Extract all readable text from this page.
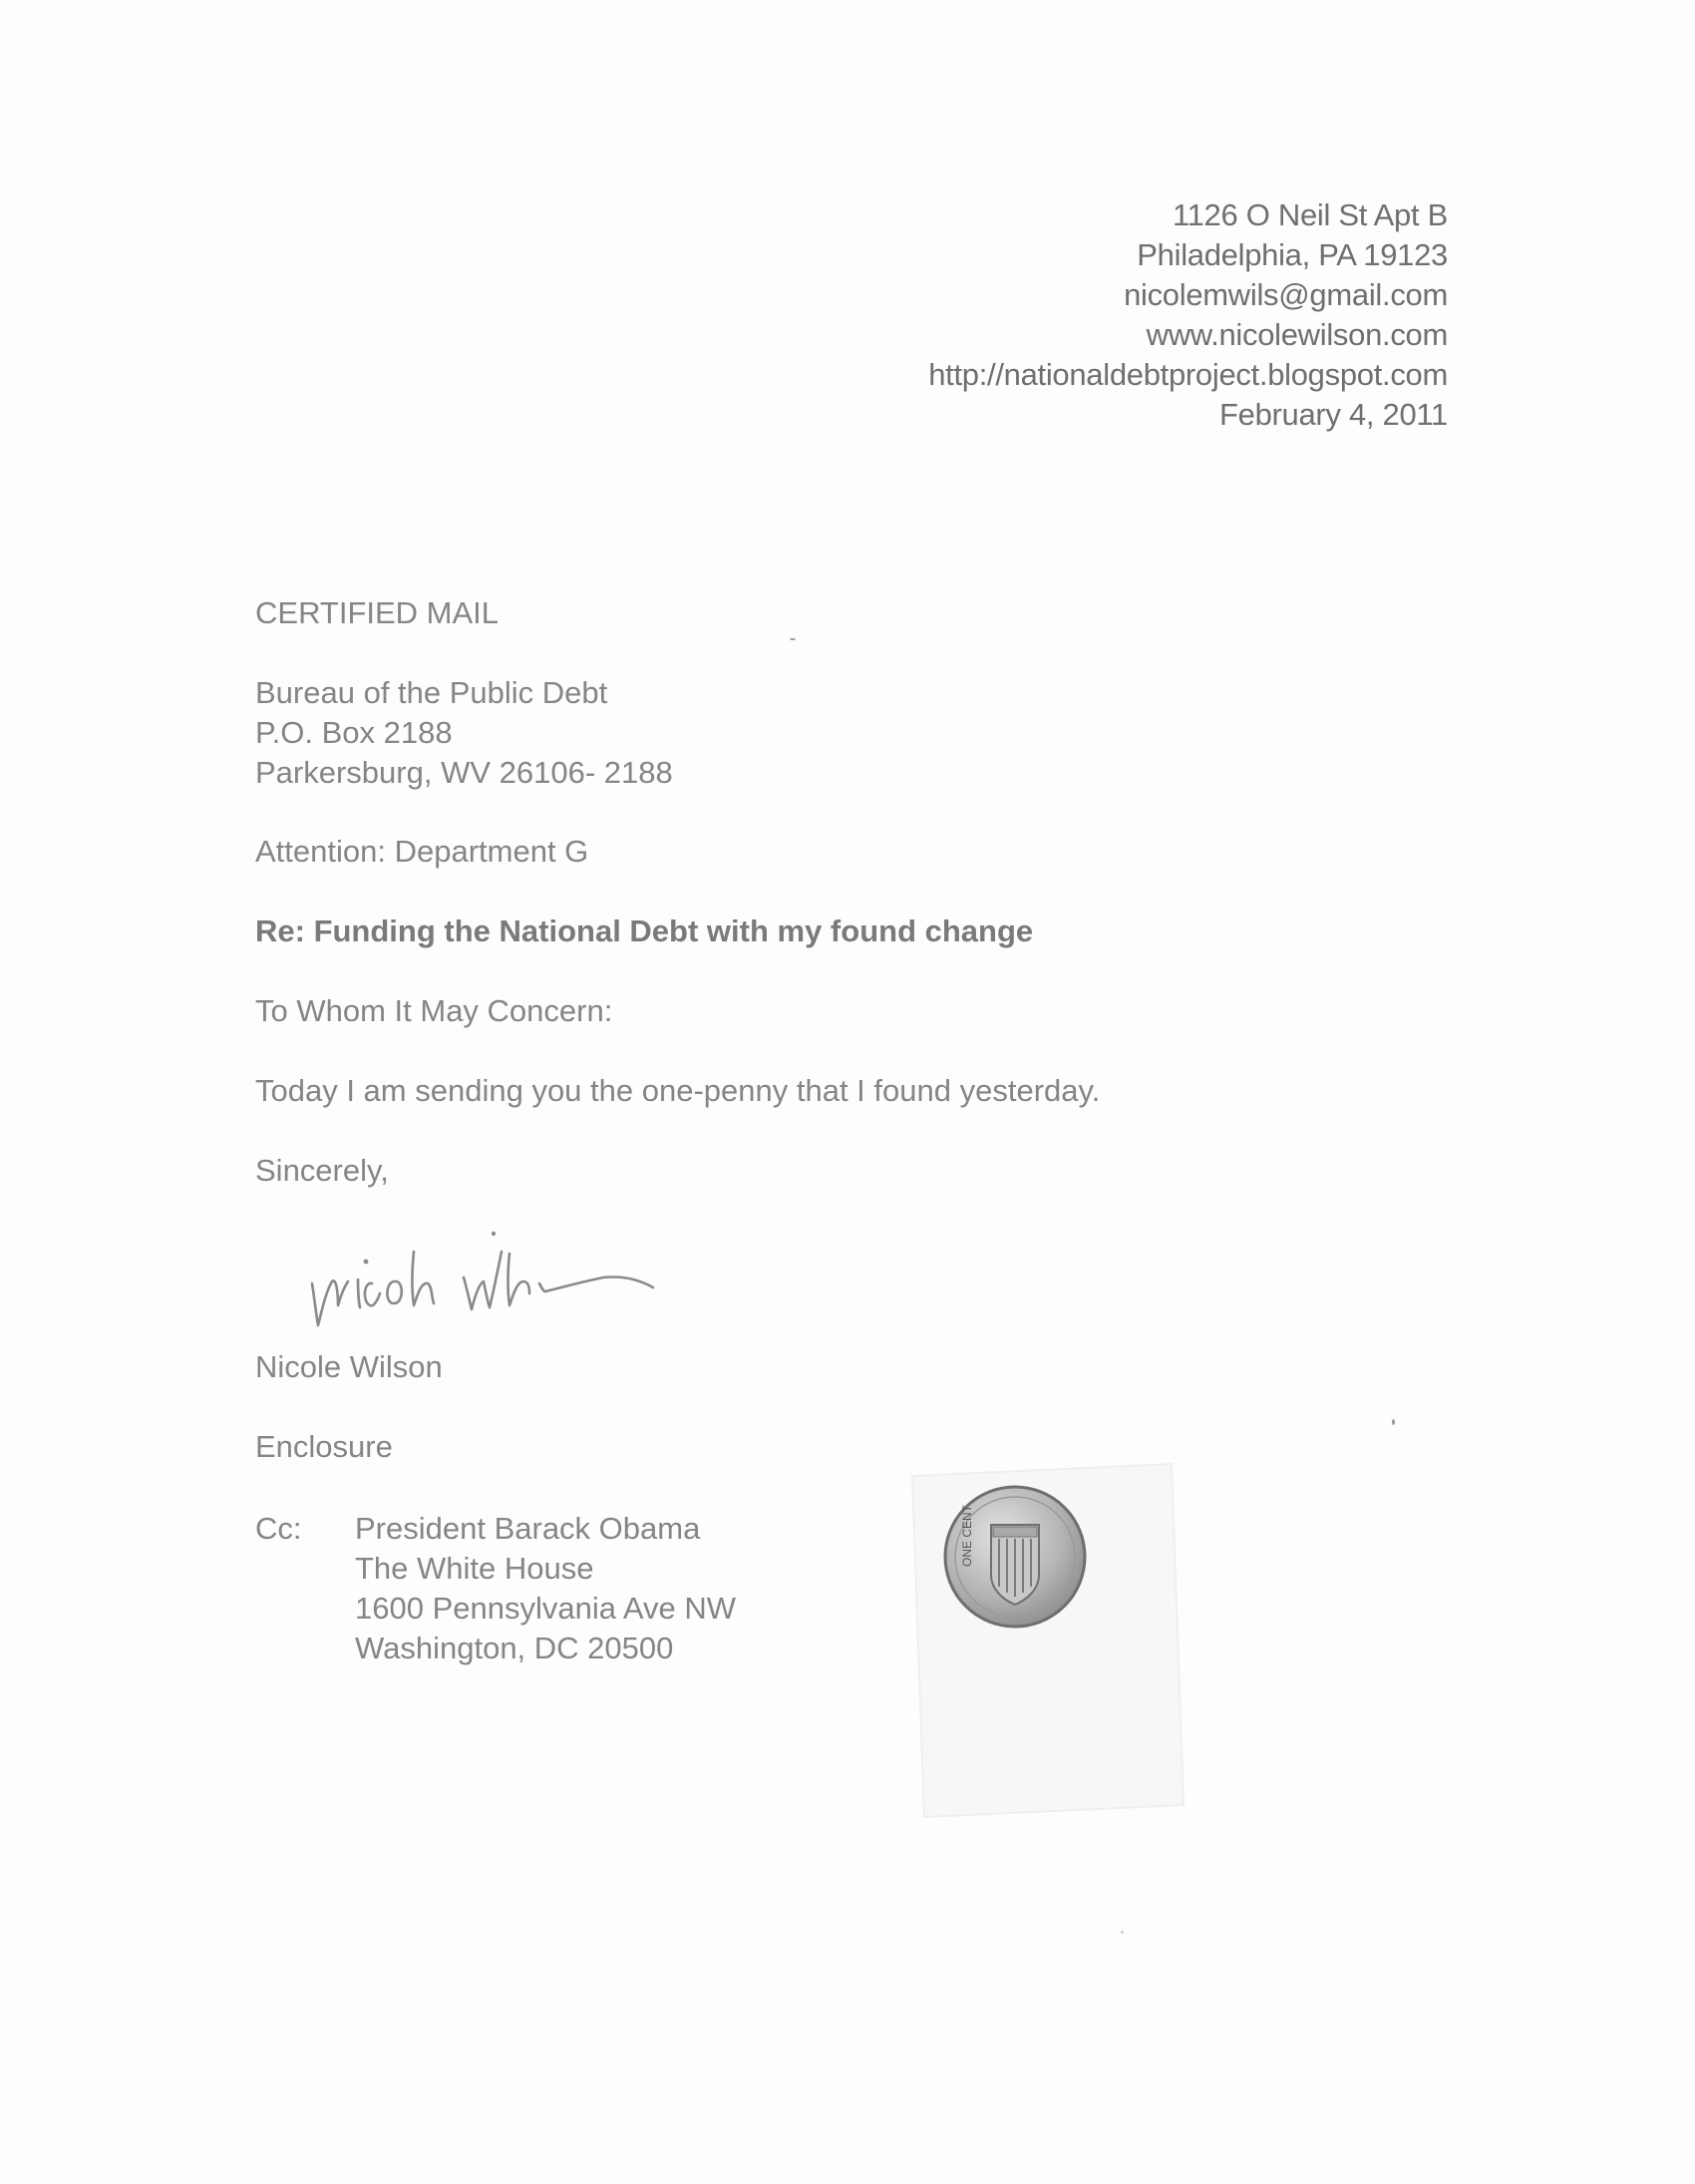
1126 O Neil St Apt B
Philadelphia, PA 19123
nicolemwils@gmail.com
www.nicolewilson.com
http://nationaldebtproject.blogspot.com
February 4, 2011
CERTIFIED MAIL
Bureau of the Public Debt
P.O. Box 2188
Parkersburg, WV 26106- 2188
Attention: Department G
Re: Funding the National Debt with my found change
To Whom It May Concern:
Today I am sending you the one-penny that I found yesterday.
Sincerely,
Nicole Wilson
Enclosure
Cc: President Barack Obama
The White House
1600 Pennsylvania Ave NW
Washington, DC 20500
ONE CENT
